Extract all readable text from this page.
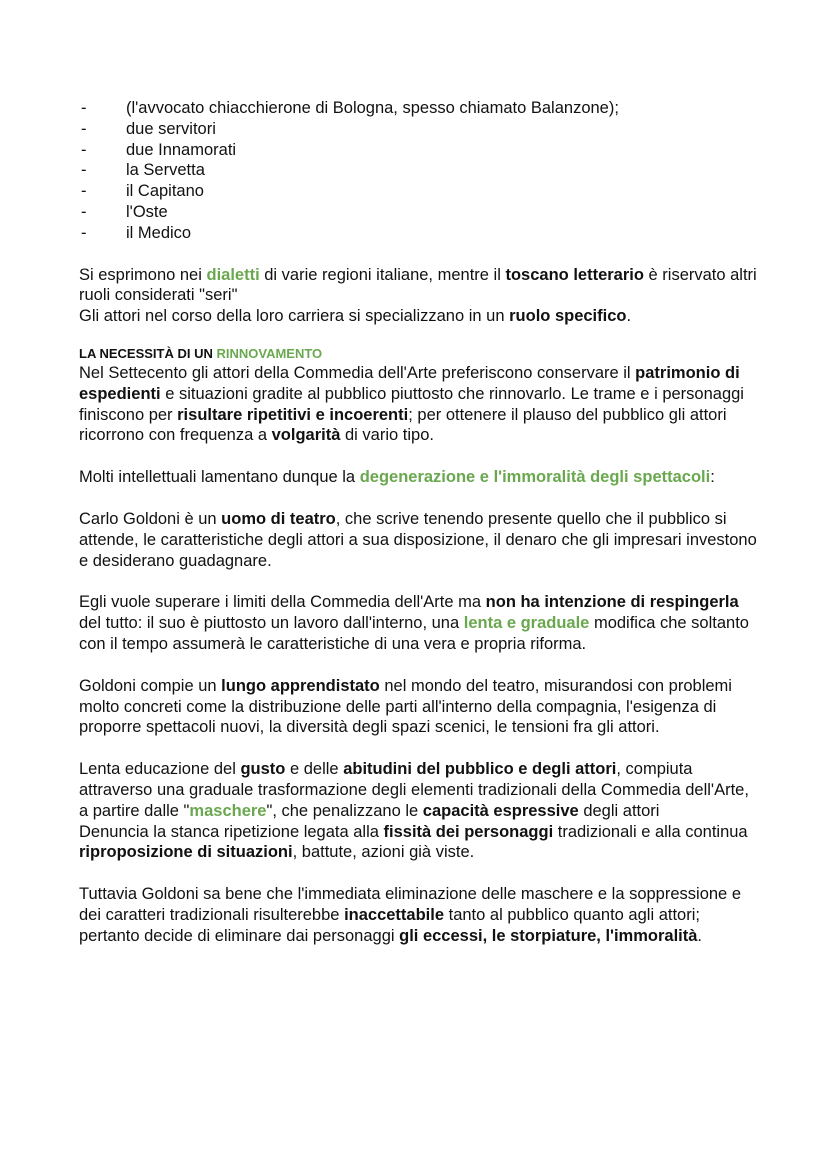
- (l'avvocato chiacchierone di Bologna, spesso chiamato Balanzone);
- due servitori
- due Innamorati
- la Servetta
- il Capitano
- l'Oste
- il Medico

Si esprimono nei dialetti di varie regioni italiane, mentre il toscano letterario è riservato altri ruoli considerati "seri"

Gli attori nel corso della loro carriera si specializzano in un ruolo specifico.

LA NECESSITÀ DI UN RINNOVAMENTO

Nel Settecento gli attori della Commedia dell'Arte preferiscono conservare il patrimonio di espedienti e situazioni gradite al pubblico piuttosto che rinnovarlo. Le trame e i personaggi finiscono per risultare ripetitivi e incoerenti; per ottenere il plauso del pubblico gli attori ricorrono con frequenza a volgarità di vario tipo.

Molti intellettuali lamentano dunque la degenerazione e l'immoralità degli spettacoli:

Carlo Goldoni è un uomo di teatro, che scrive tenendo presente quello che il pubblico si attende, le caratteristiche degli attori a sua disposizione, il denaro che gli impresari investono e desiderano guadagnare.

Egli vuole superare i limiti della Commedia dell'Arte ma non ha intenzione di respingerla del tutto: il suo è piuttosto un lavoro dall'interno, una lenta e graduale modifica che soltanto con il tempo assumerà le caratteristiche di una vera e propria riforma.

Goldoni compie un lungo apprendistato nel mondo del teatro, misurandosi con problemi molto concreti come la distribuzione delle parti all'interno della compagnia, l'esigenza di proporre spettacoli nuovi, la diversità degli spazi scenici, le tensioni fra gli attori.

Lenta educazione del gusto e delle abitudini del pubblico e degli attori, compiuta attraverso una graduale trasformazione degli elementi tradizionali della Commedia dell'Arte, a partire dalle "maschere", che penalizzano le capacità espressive degli attori

Denuncia la stanca ripetizione legata alla fissità dei personaggi tradizionali e alla continua riproposizione di situazioni, battute, azioni già viste.

Tuttavia Goldoni sa bene che l'immediata eliminazione delle maschere e la soppressione e

dei caratteri tradizionali risulterebbe inaccettabile tanto al pubblico quanto agli attori; pertanto decide di eliminare dai personaggi gli eccessi, le storpiature, l'immoralità.
